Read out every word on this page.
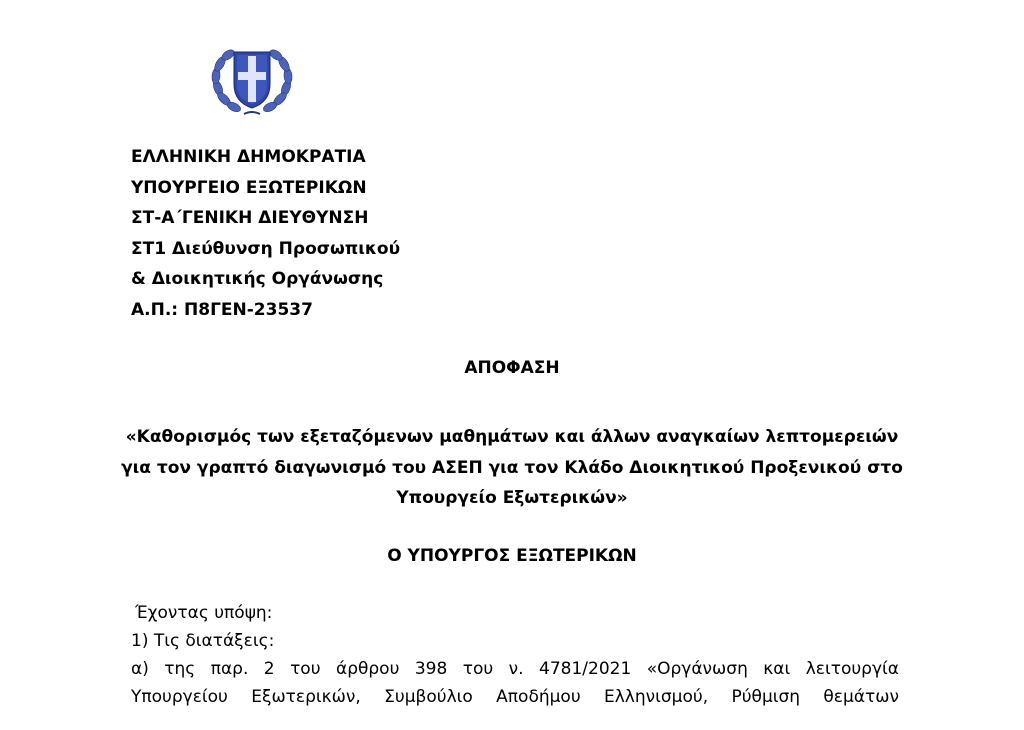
ΕΛΛΗΝΙΚΗ ΔΗΜΟΚΡΑΤΙΑ
ΥΠΟΥΡΓΕΙΟ ΕΞΩΤΕΡΙΚΩΝ
ΣΤ-Α΄ΓΕΝΙΚΗ ΔΙΕΥΘΥΝΣΗ
ΣΤ1 Διεύθυνση Προσωπικού
& Διοικητικής Οργάνωσης
Α.Π.: Π8ΓΕΝ-23537
ΑΠΟΦΑΣΗ
«Καθορισμός των εξεταζόμενων μαθημάτων και άλλων αναγκαίων λεπτομερειών
για τον γραπτό διαγωνισμό του ΑΣΕΠ για τον Κλάδο Διοικητικού Προξενικού στο
Υπουργείο Εξωτερικών»
Ο ΥΠΟΥΡΓΟΣ ΕΞΩΤΕΡΙΚΩΝ
Έχοντας υπόψη:
1) Τις διατάξεις:
α) της παρ. 2 του άρθρου 398 του ν. 4781/2021 «Οργάνωση και λειτουργία
Υπουργείου Εξωτερικών, Συμβούλιο Αποδήμου Ελληνισμού, Ρύθμιση θεμάτων
